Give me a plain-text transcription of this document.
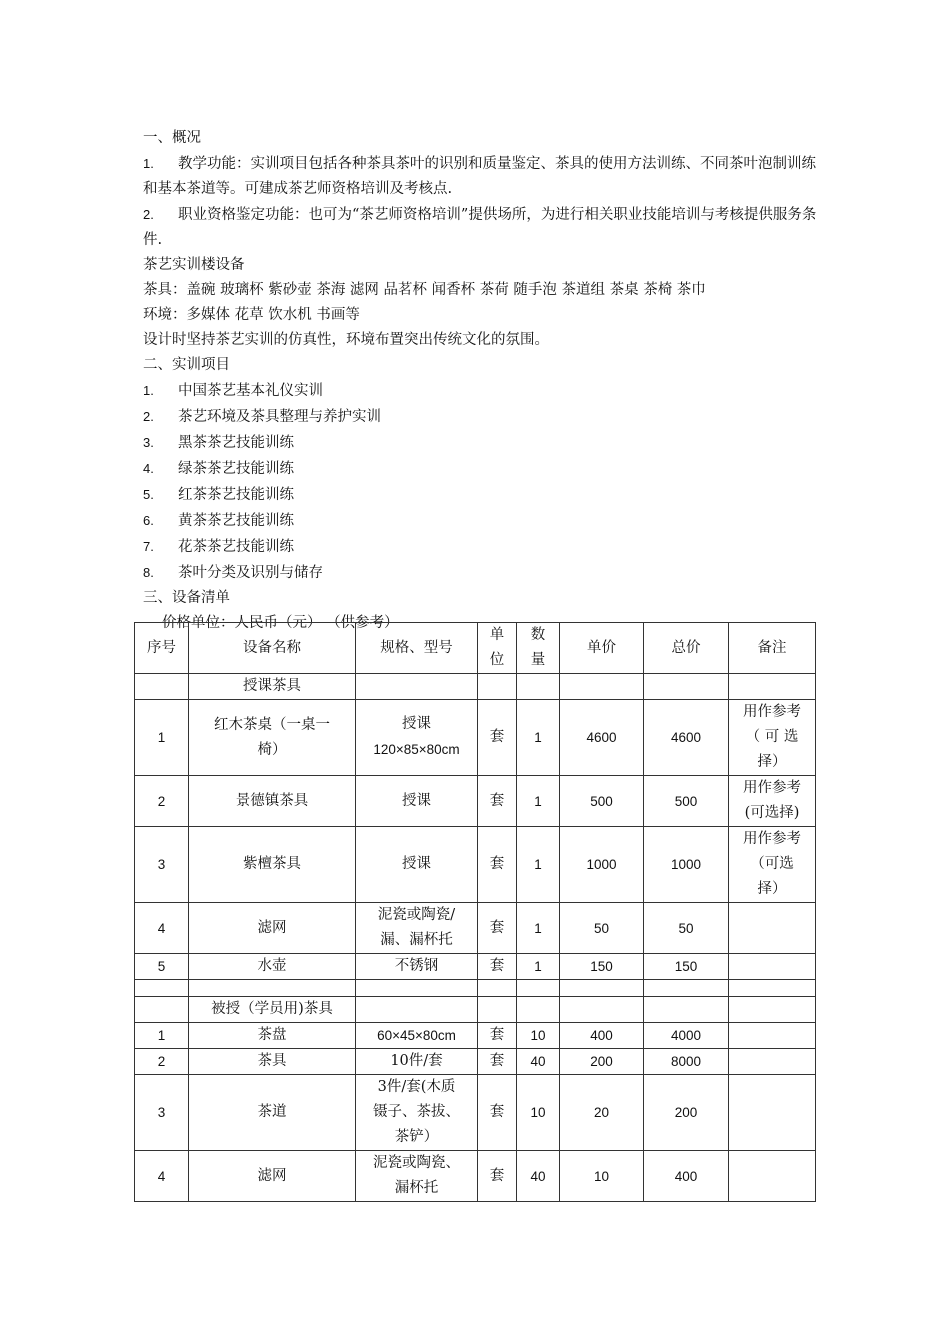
一、概况
1. 教学功能：实训项目包括各种茶具茶叶的识别和质量鉴定、茶具的使用方法训练、不同茶叶泡制训练和基本茶道等。可建成茶艺师资格培训及考核点.
2. 职业资格鉴定功能：也可为“茶艺师资格培训”提供场所，为进行相关职业技能培训与考核提供服务条件.
茶艺实训楼设备
茶具：盖碗 玻璃杯 紫砂壶 茶海 滤网 品茗杯 闻香杯 茶荷 随手泡 茶道组 茶桌 茶椅 茶巾
环境：多媒体 花草 饮水机 书画等
设计时坚持茶艺实训的仿真性，环境布置突出传统文化的氛围。
二、实训项目
1. 中国茶艺基本礼仪实训
2. 茶艺环境及茶具整理与养护实训
3. 黑茶茶艺技能训练
4. 绿茶茶艺技能训练
5. 红茶茶艺技能训练
6. 黄茶茶艺技能训练
7. 花茶茶艺技能训练
8. 茶叶分类及识别与储存
三、设备清单
价格单位：人民币（元） （供参考）
序号	设备名称	规格、型号	单
位	数
量	单价	总价	备注
	授课茶具						
1	红木茶桌（一桌一
椅）	授课
120×85×80cm	套	1	4600	4600	用作参考
（ 可 选
择）
2	景德镇茶具	授课	套	1	500	500	用作参考
(可选择)
3	紫檀茶具	授课	套	1	1000	1000	用作参考
（可选
择）
4	滤网	泥瓷或陶瓷/
漏、漏杯托	套	1	50	50	
5	水壶	不锈钢	套	1	150	150	

	被授（学员用)茶具						
1	茶盘	60×45×80cm	套	10	400	4000	
2	茶具	10件/套	套	40	200	8000	
3	茶道	3件/套(木质
镊子、茶拔、
茶铲）	套	10	20	200	
4	滤网	泥瓷或陶瓷、
漏杯托	套	40	10	400	
